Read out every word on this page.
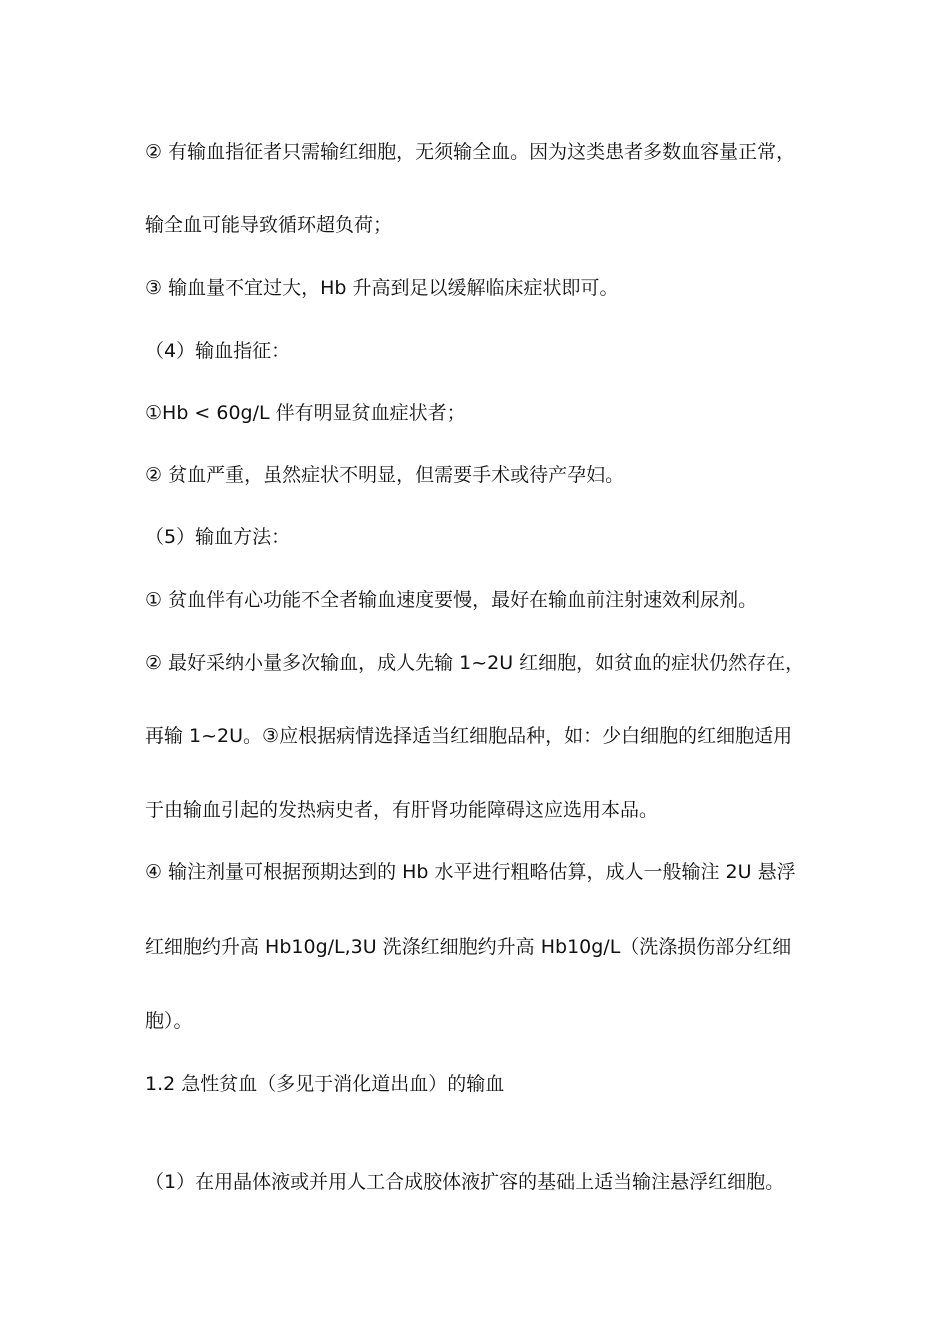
② 有输血指征者只需输红细胞，无须输全血。因为这类患者多数血容量正常，
输全血可能导致循环超负荷；
③ 输血量不宜过大，Hb 升高到足以缓解临床症状即可。
（4）输血指征：
①Hb < 60g/L 伴有明显贫血症状者；
② 贫血严重，虽然症状不明显，但需要手术或待产孕妇。
（5）输血方法：
① 贫血伴有心功能不全者输血速度要慢，最好在输血前注射速效利尿剂。
② 最好采纳小量多次输血，成人先输 1~2U 红细胞，如贫血的症状仍然存在，
再输 1~2U。③应根据病情选择适当红细胞品种，如：少白细胞的红细胞适用
于由输血引起的发热病史者，有肝肾功能障碍这应选用本品。
④ 输注剂量可根据预期达到的 Hb 水平进行粗略估算，成人一般输注 2U 悬浮
红细胞约升高 Hb10g/L,3U 洗涤红细胞约升高 Hb10g/L（洗涤损伤部分红细
胞）。
1.2 急性贫血（多见于消化道出血）的输血
（1）在用晶体液或并用人工合成胶体液扩容的基础上适当输注悬浮红细胞。
